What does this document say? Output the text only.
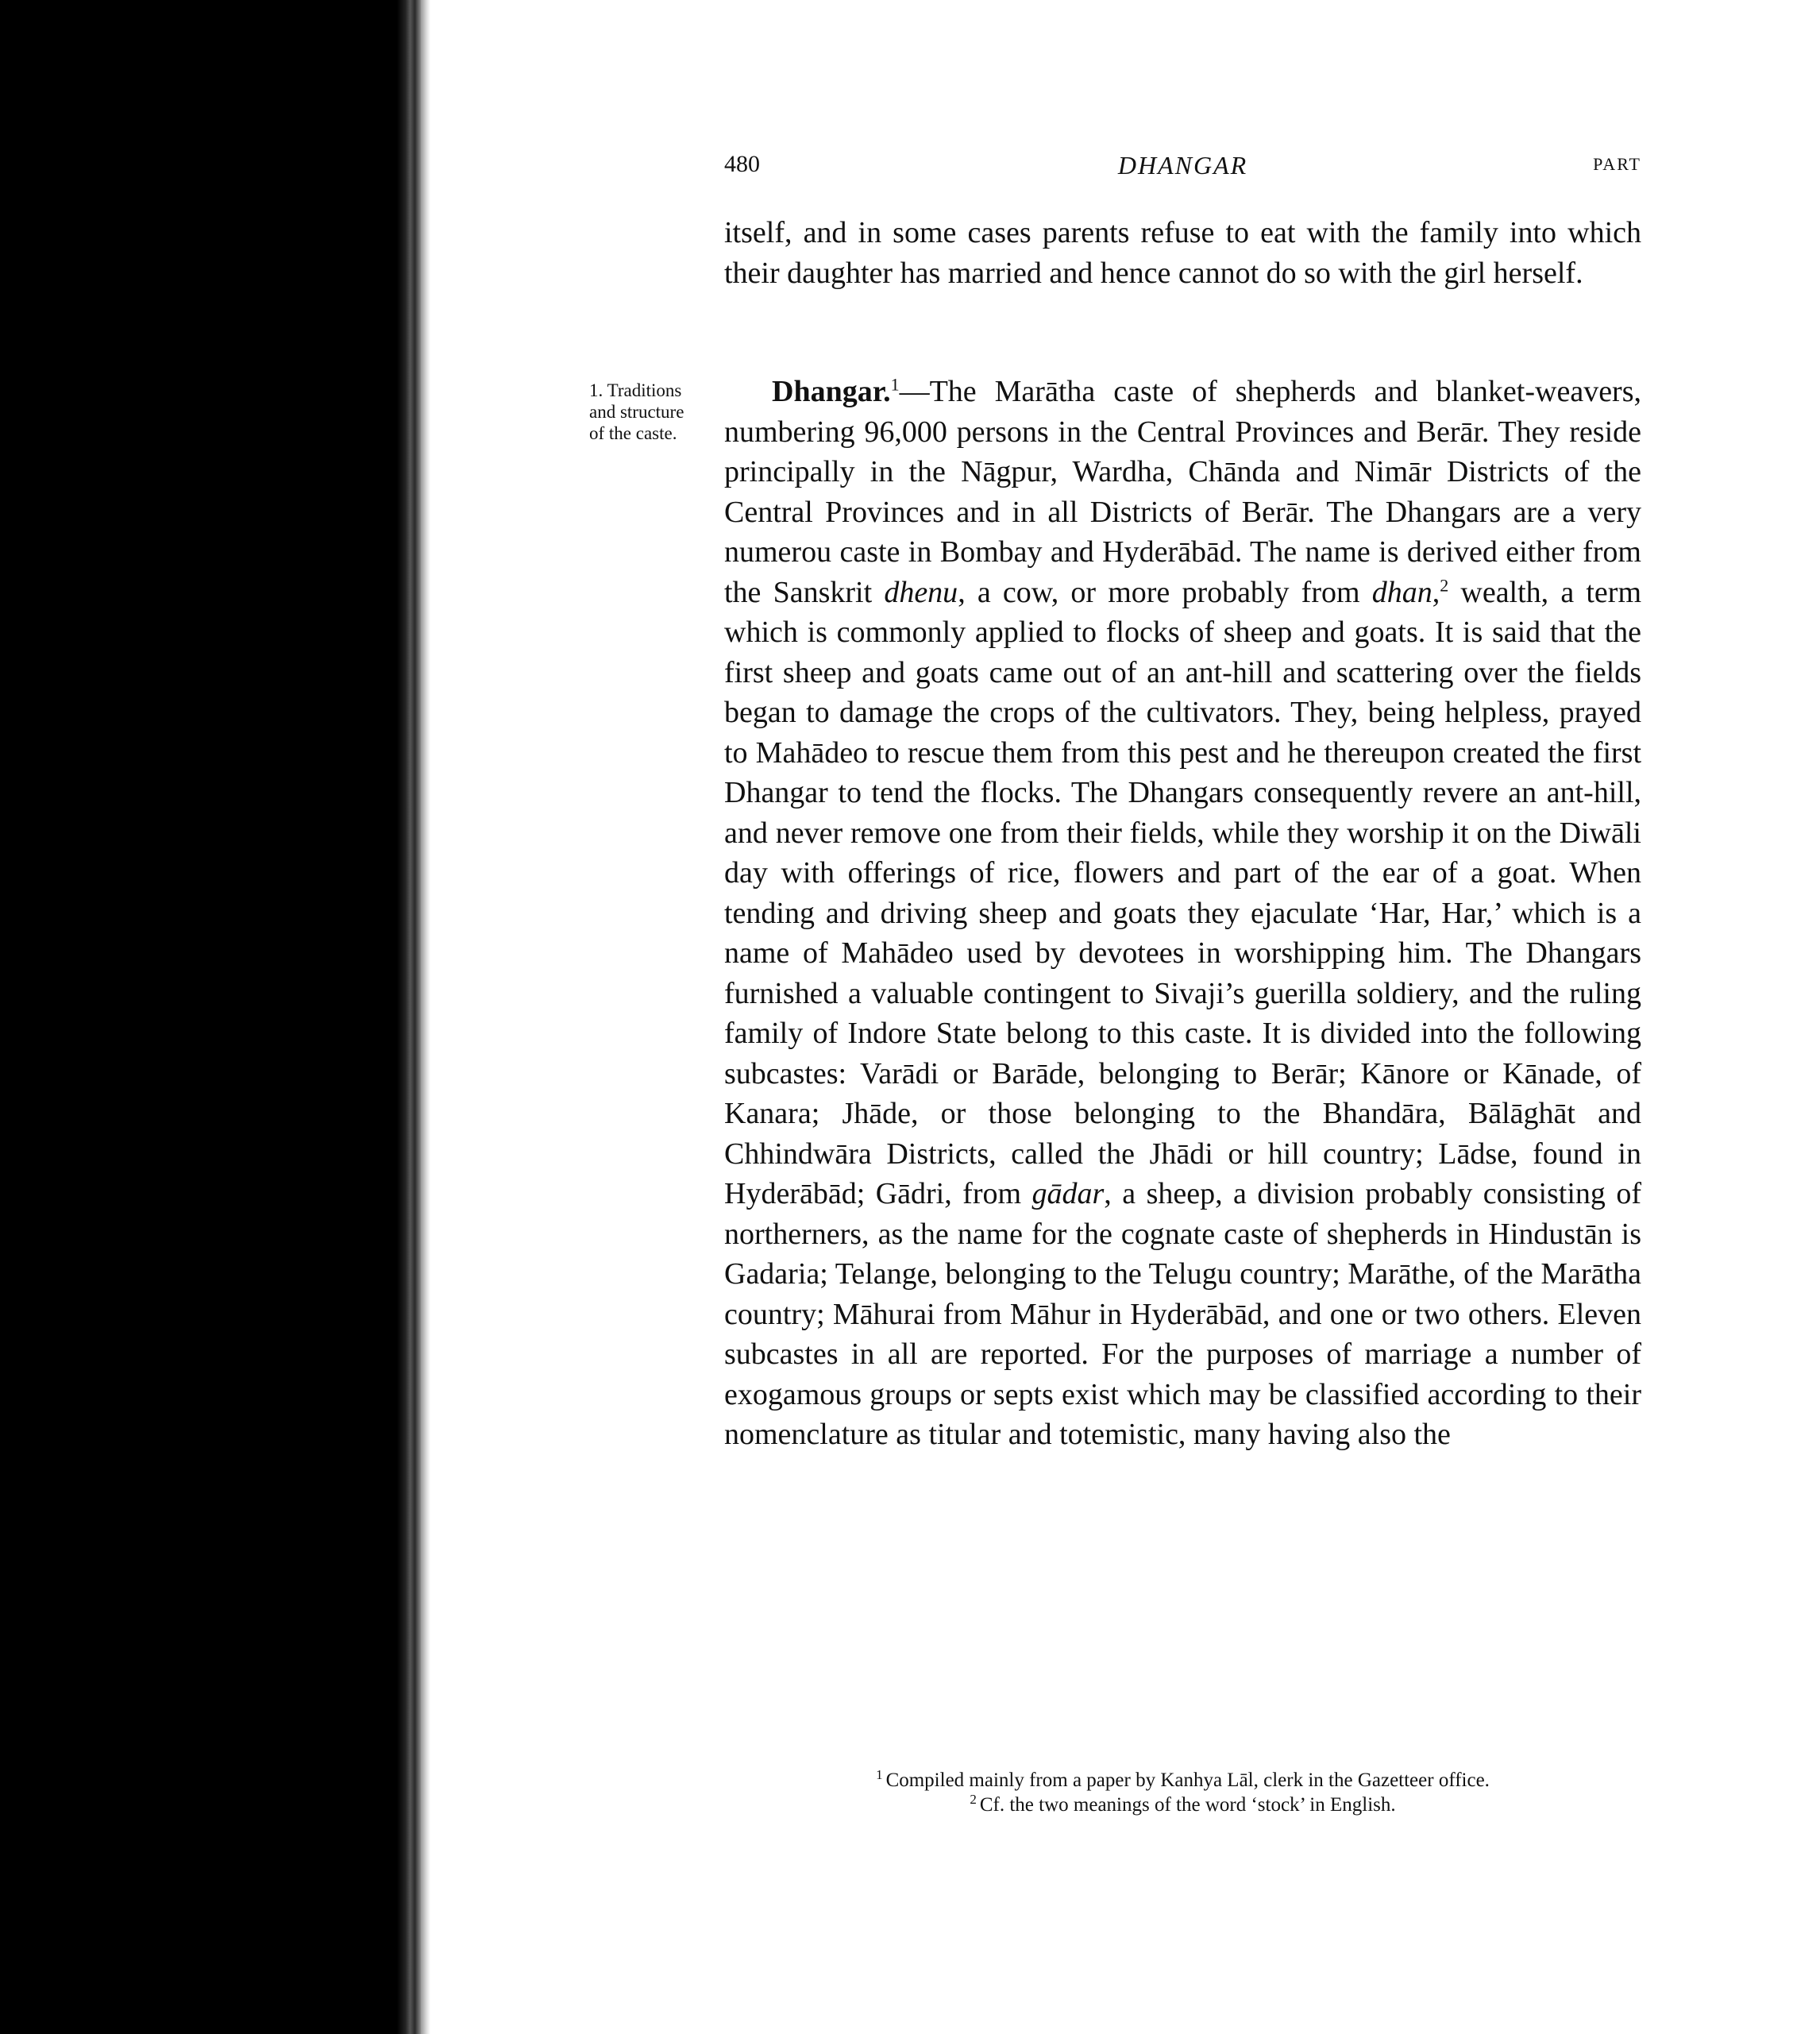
480	DHANGAR	PART

itself, and in some cases parents refuse to eat with the family into which their daughter has married and hence cannot do so with the girl herself.

1. Traditions and structure of the caste.

Dhangar.$^1$—The Marātha caste of shepherds and blanket-weavers, numbering 96,000 persons in the Central Provinces and Berār. They reside principally in the Nāgpur, Wardha, Chānda and Nimār Districts of the Central Provinces and in all Districts of Berār. The Dhangars are a very numerou caste in Bombay and Hyderābād. The name is derived either from the Sanskrit dhenu, a cow, or more probably from dhan,$^2$ wealth, a term which is commonly applied to flocks of sheep and goats. It is said that the first sheep and goats came out of an ant-hill and scattering over the fields began to damage the crops of the cultivators. They, being helpless, prayed to Mahādeo to rescue them from this pest and he thereupon created the first Dhangar to tend the flocks. The Dhangars consequently revere an ant-hill, and never remove one from their fields, while they worship it on the Diwāli day with offerings of rice, flowers and part of the ear of a goat. When tending and driving sheep and goats they ejaculate ‘Har, Har,’ which is a name of Mahādeo used by devotees in worshipping him. The Dhangars furnished a valuable contingent to Sivaji’s guerilla soldiery, and the ruling family of Indore State belong to this caste. It is divided into the following subcastes: Varādi or Barāde, belonging to Berār; Kānore or Kānade, of Kanara; Jhāde, or those belonging to the Bhandāra, Bālāghāt and Chhindwāra Districts, called the Jhādi or hill country; Lādse, found in Hyderābād; Gādri, from gādar, a sheep, a division probably consisting of northerners, as the name for the cognate caste of shepherds in Hindustān is Gadaria; Telange, belonging to the Telugu country; Marāthe, of the Marātha country; Māhurai from Māhur in Hyderābād, and one or two others. Eleven subcastes in all are reported. For the purposes of marriage a number of exogamous groups or septs exist which may be classified according to their nomenclature as titular and totemistic, many having also the

$^1$ Compiled mainly from a paper by Kanhya Lāl, clerk in the Gazetteer office.
$^2$ Cf. the two meanings of the word ‘stock’ in English.
